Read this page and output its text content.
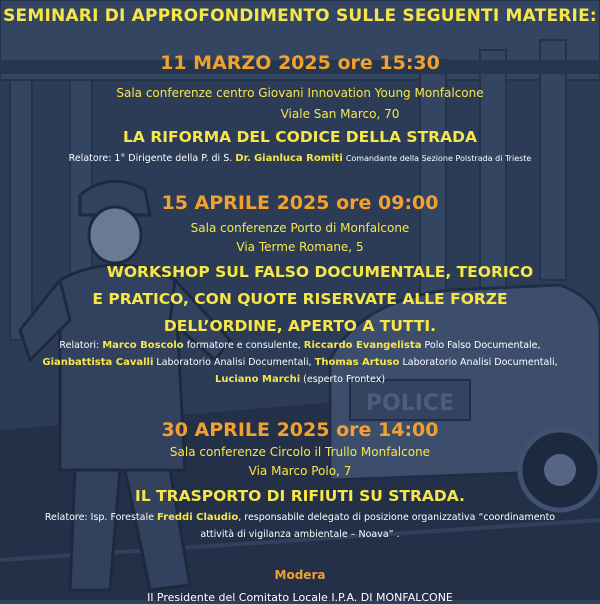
POLICE
SEMINARI DI APPROFONDIMENTO SULLE SEGUENTI MATERIE:
11 MARZO 2025 ore 15:30
Sala conferenze centro Giovani Innovation Young Monfalcone
Viale San Marco, 70
LA RIFORMA DEL CODICE DELLA STRADA
Relatore: 1° Dirigente della P. di S. Dr. Gianluca Romiti Comandante della Sezione Polstrada di Trieste
15 APRILE 2025 ore 09:00
Sala conferenze Porto di Monfalcone
Via Terme Romane, 5
WORKSHOP SUL FALSO DOCUMENTALE, TEORICO
E PRATICO, CON QUOTE RISERVATE ALLE FORZE
DELL’ORDINE, APERTO A TUTTI.
Relatori: Marco Boscolo formatore e consulente, Riccardo Evangelista Polo Falso Documentale,
Gianbattista Cavalli Laboratorio Analisi Documentali, Thomas Artuso Laboratorio Analisi Documentali,
Luciano Marchi (esperto Frontex)
30 APRILE 2025 ore 14:00
Sala conferenze Circolo il Trullo Monfalcone
Via Marco Polo, 7
IL TRASPORTO DI RIFIUTI SU STRADA.
Relatore: Isp. Forestale Freddi Claudio, responsabile delegato di posizione organizzativa “coordinamento
attività di vigilanza ambientale – Noava” .
Modera
Il Presidente del Comitato Locale I.P.A. DI MONFALCONE
